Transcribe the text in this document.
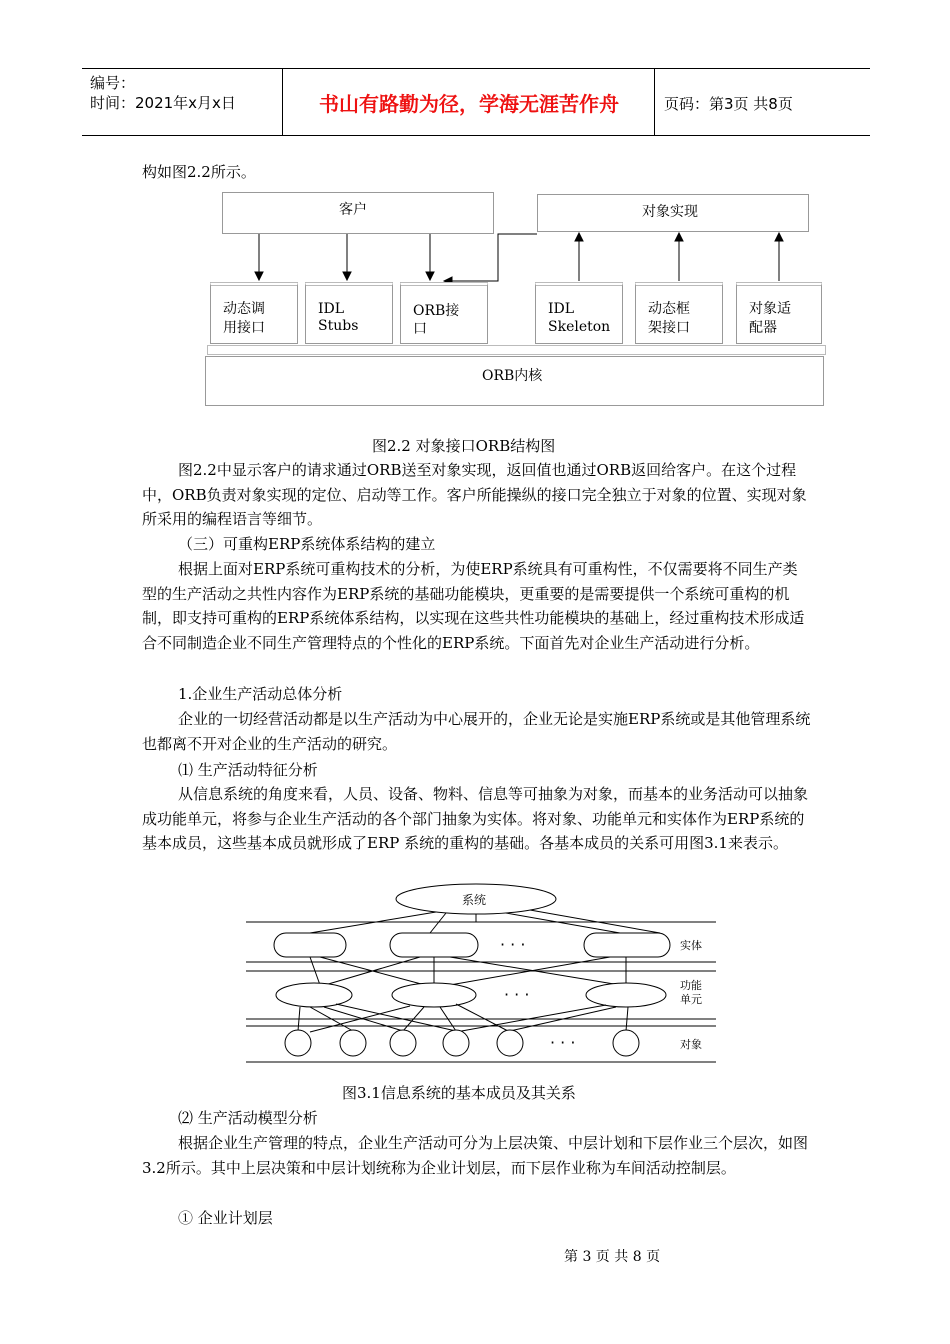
编号：
时间：2021年x月x日	书山有路勤为径，学海无涯苦作舟	页码：第3页 共8页
构如图2.2所示。
客户	对象实现
动态调
用接口
IDL
Stubs
ORB接
口
IDL
Skeleton
动态框
架接口
对象适
配器
ORB内核
图2.2 对象接口ORB结构图

图2.2中显示客户的请求通过ORB送至对象实现，返回值也通过ORB返回给客户。在这个过程中，ORB负责对象实现的定位、启动等工作。客户所能操纵的接口完全独立于对象的位置、实现对象所采用的编程语言等细节。

（三）可重构ERP系统体系结构的建立

根据上面对ERP系统可重构技术的分析，为使ERP系统具有可重构性，不仅需要将不同生产类型的生产活动之共性内容作为ERP系统的基础功能模块，更重要的是需要提供一个系统可重构的机制，即支持可重构的ERP系统体系结构，以实现在这些共性功能模块的基础上，经过重构技术形成适合不同制造企业不同生产管理特点的个性化的ERP系统。下面首先对企业生产活动进行分析。

1.企业生产活动总体分析

企业的一切经营活动都是以生产活动为中心展开的，企业无论是实施ERP系统或是其他管理系统也都离不开对企业的生产活动的研究。

⑴ 生产活动特征分析

从信息系统的角度来看，人员、设备、物料、信息等可抽象为对象，而基本的业务活动可以抽象成功能单元，将参与企业生产活动的各个部门抽象为实体。将对象、功能单元和实体作为ERP系统的基本成员，这些基本成员就形成了ERP 系统的重构的基础。各基本成员的关系可用图3.1来表示。

系统
· · ·
· · ·
· · ·
实体
功能
单元
对象
图3.1信息系统的基本成员及其关系
⑵ 生产活动模型分析

根据企业生产管理的特点，企业生产活动可分为上层决策、中层计划和下层作业三个层次，如图3.2所示。其中上层决策和中层计划统称为企业计划层，而下层作业称为车间活动控制层。

① 企业计划层
第 3 页 共 8 页
